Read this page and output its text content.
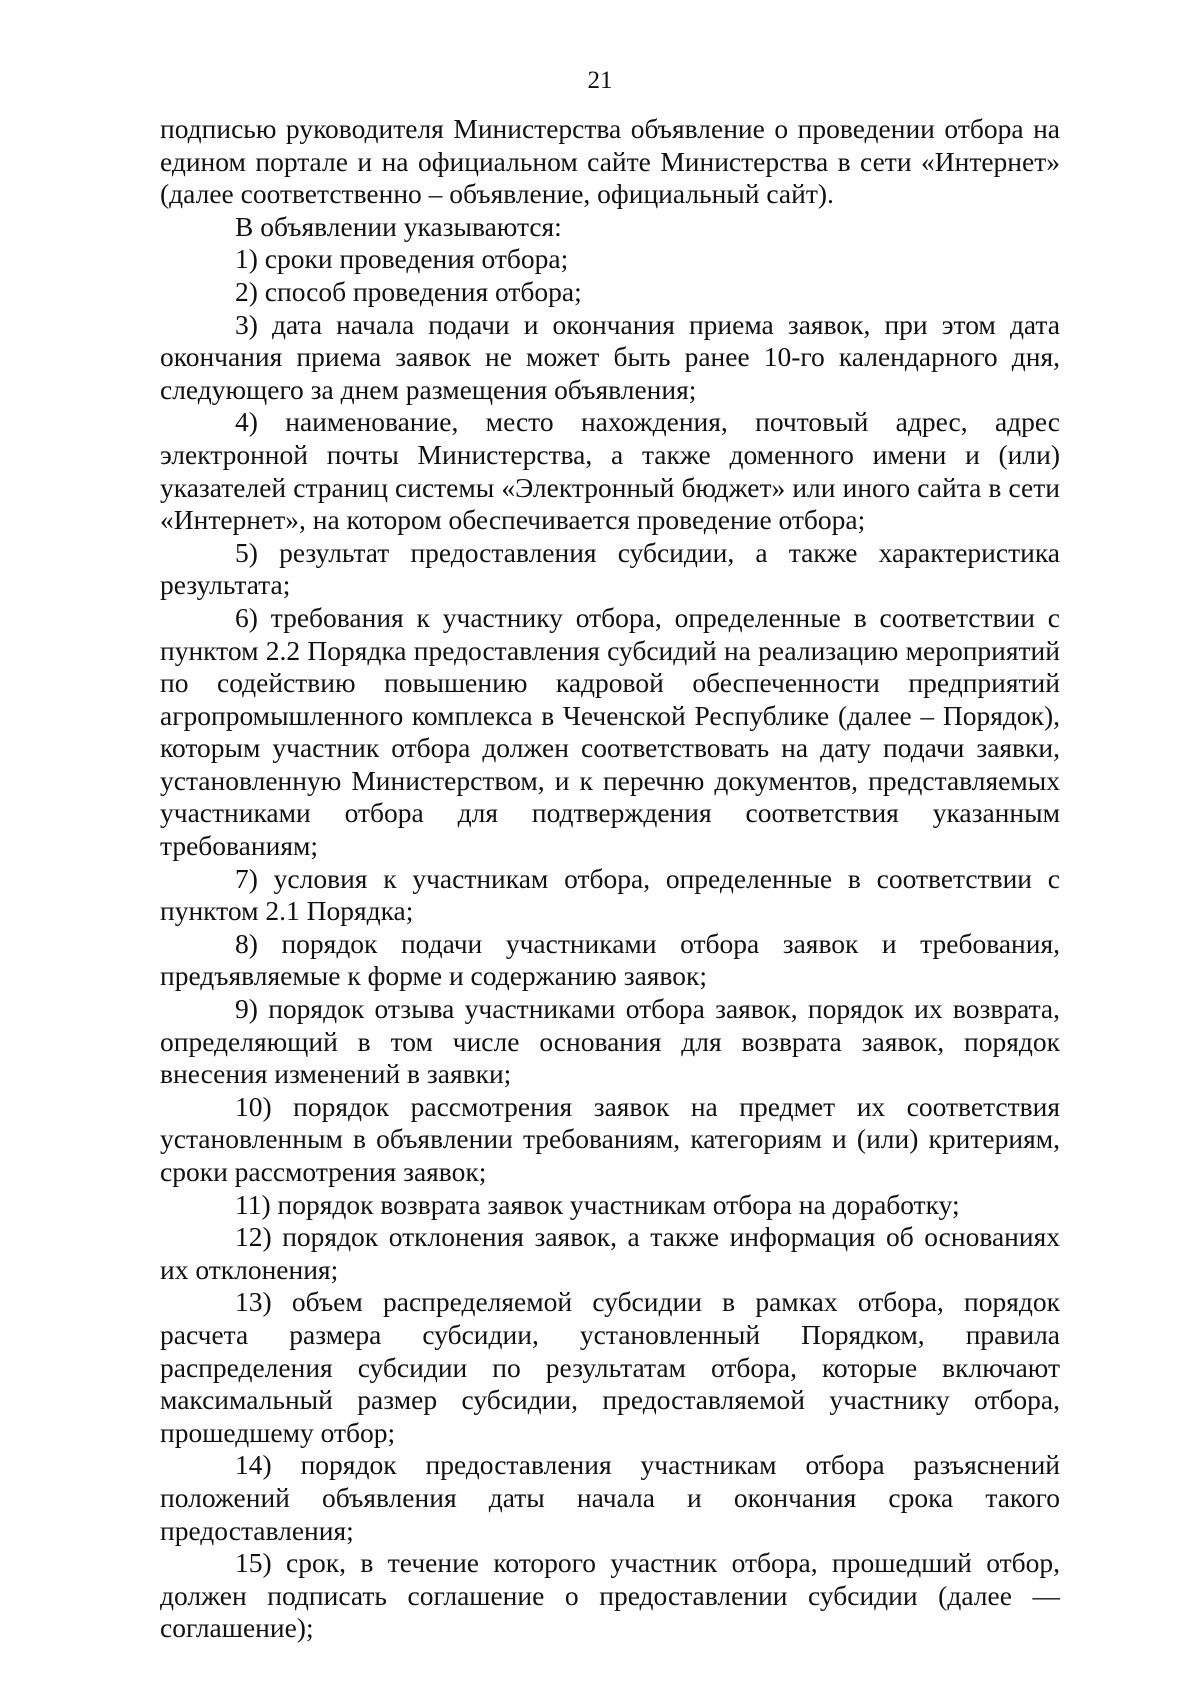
21

подписью руководителя Министерства объявление о проведении отбора на едином портале и на официальном сайте Министерства в сети «Интернет» (далее соответственно – объявление, официальный сайт).

В объявлении указываются:

1) сроки проведения отбора;

2) способ проведения отбора;

3) дата начала подачи и окончания приема заявок, при этом дата окончания приема заявок не может быть ранее 10-го календарного дня, следующего за днем размещения объявления;

4) наименование, место нахождения, почтовый адрес, адрес электронной почты Министерства, а также доменного имени и (или) указателей страниц системы «Электронный бюджет» или иного сайта в сети «Интернет», на котором обеспечивается проведение отбора;

5) результат предоставления субсидии, а также характеристика результата;

6) требования к участнику отбора, определенные в соответствии с пунктом 2.2 Порядка предоставления субсидий на реализацию мероприятий по содействию повышению кадровой обеспеченности предприятий агропромышленного комплекса в Чеченской Республике (далее – Порядок), которым участник отбора должен соответствовать на дату подачи заявки, установленную Министерством, и к перечню документов, представляемых участниками отбора для подтверждения соответствия указанным требованиям;

7) условия к участникам отбора, определенные в соответствии с пунктом 2.1 Порядка;

8) порядок подачи участниками отбора заявок и требования, предъявляемые к форме и содержанию заявок;

9) порядок отзыва участниками отбора заявок, порядок их возврата, определяющий в том числе основания для возврата заявок, порядок внесения изменений в заявки;

10) порядок рассмотрения заявок на предмет их соответствия установленным в объявлении требованиям, категориям и (или) критериям, сроки рассмотрения заявок;

11) порядок возврата заявок участникам отбора на доработку;

12) порядок отклонения заявок, а также информация об основаниях их отклонения;

13) объем распределяемой субсидии в рамках отбора, порядок расчета размера субсидии, установленный Порядком, правила распределения субсидии по результатам отбора, которые включают максимальный размер субсидии, предоставляемой участнику отбора, прошедшему отбор;

14) порядок предоставления участникам отбора разъяснений положений объявления даты начала и окончания срока такого предоставления;

15) срок, в течение которого участник отбора, прошедший отбор, должен подписать соглашение о предоставлении субсидии (далее — соглашение);
